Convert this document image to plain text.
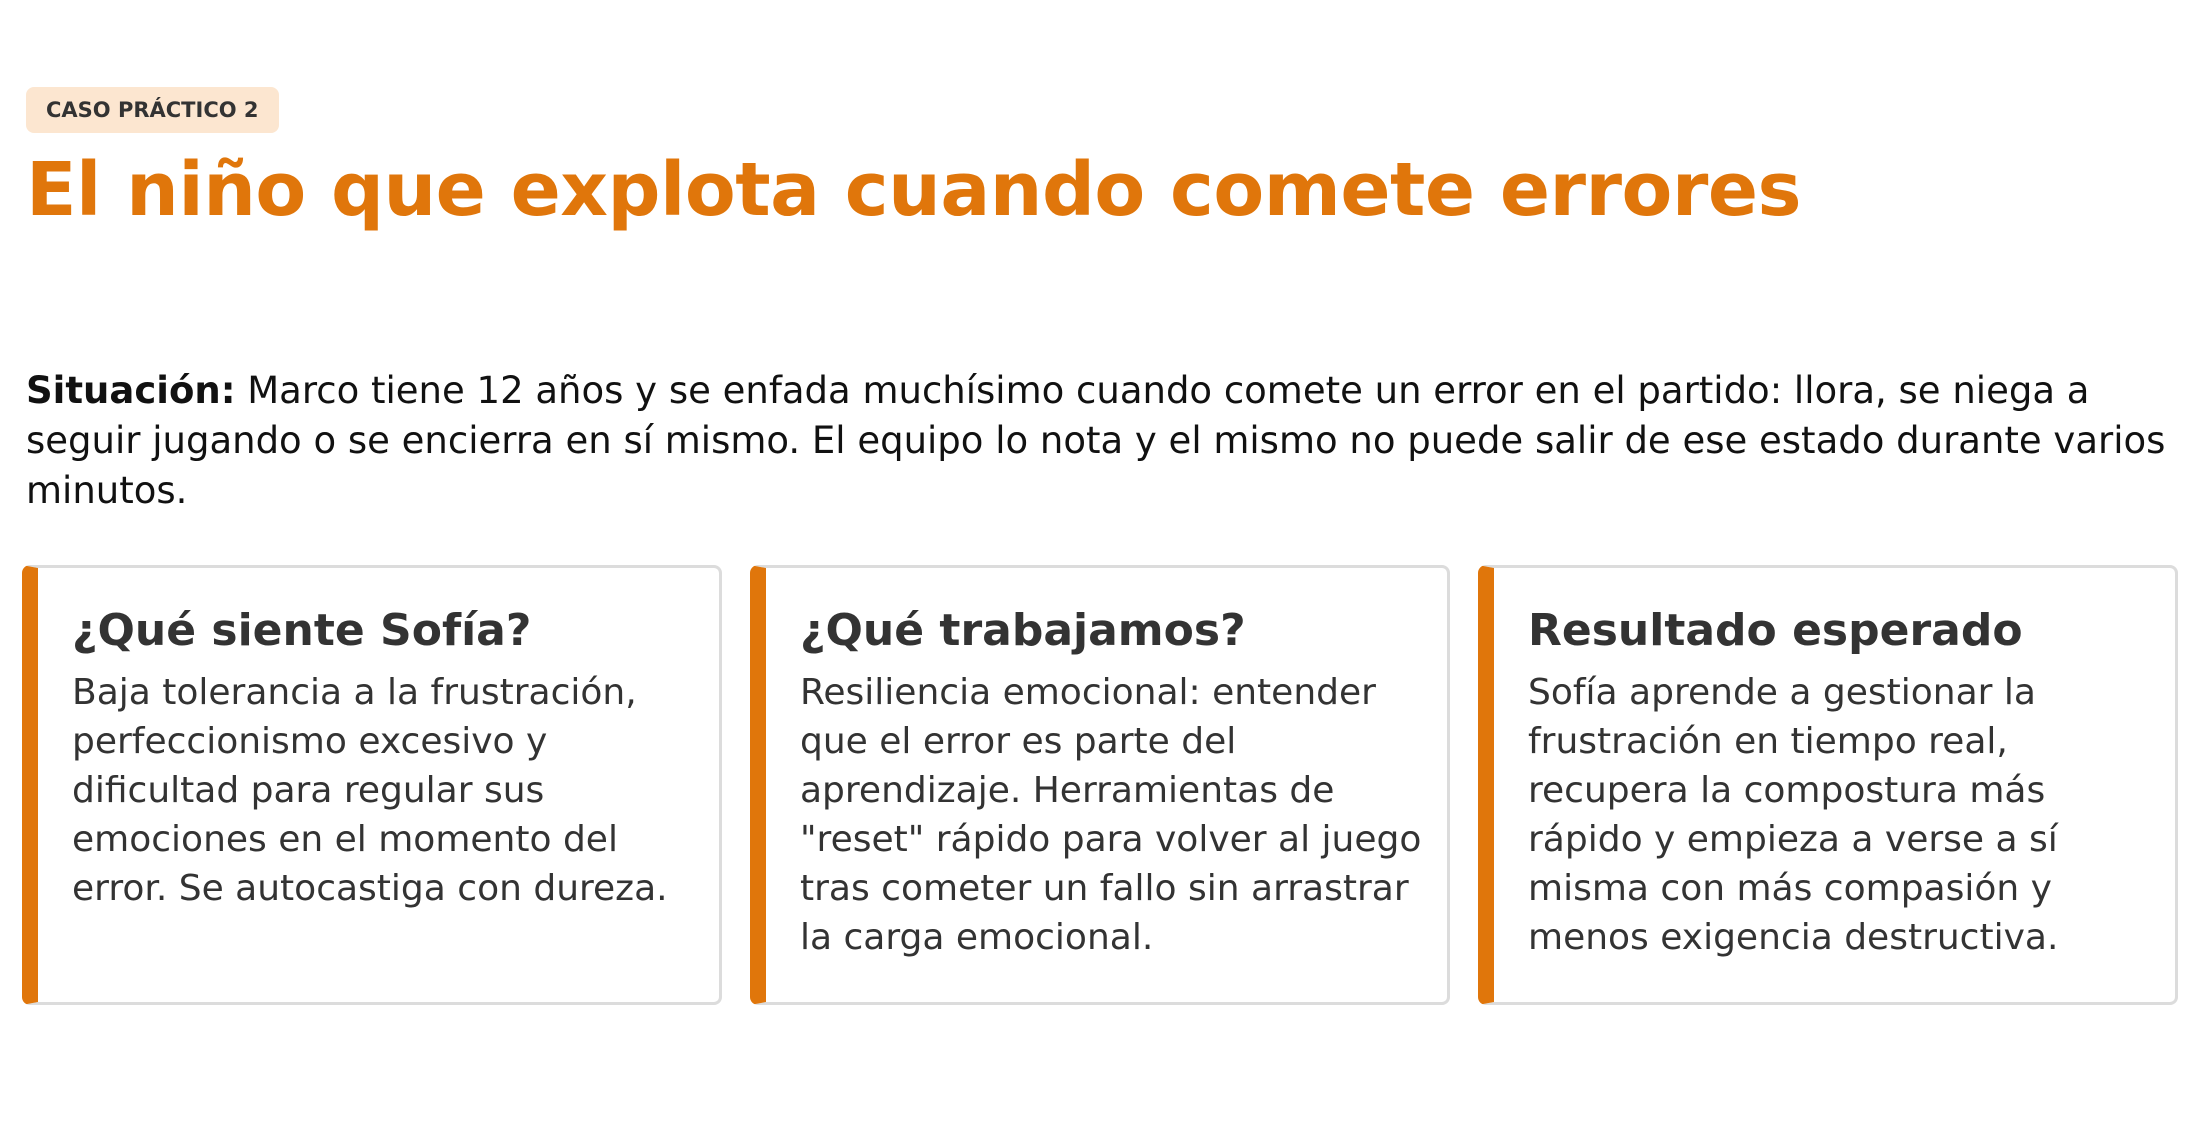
CASO PRÁCTICO 2
El niño que explota cuando comete errores

Situación: Marco tiene 12 años y se enfada muchísimo cuando comete un error en el partido: llora, se niega a seguir jugando o se encierra en sí mismo. El equipo lo nota y el mismo no puede salir de ese estado durante varios minutos.

¿Qué siente Sofía?

Baja tolerancia a la frustración, perfeccionismo excesivo y dificultad para regular sus emociones en el momento del error. Se autocastiga con dureza.

¿Qué trabajamos?

Resiliencia emocional: entender que el error es parte del aprendizaje. Herramientas de "reset" rápido para volver al juego tras cometer un fallo sin arrastrar la carga emocional.

Resultado esperado

Sofía aprende a gestionar la frustración en tiempo real, recupera la compostura más rápido y empieza a verse a sí misma con más compasión y menos exigencia destructiva.
